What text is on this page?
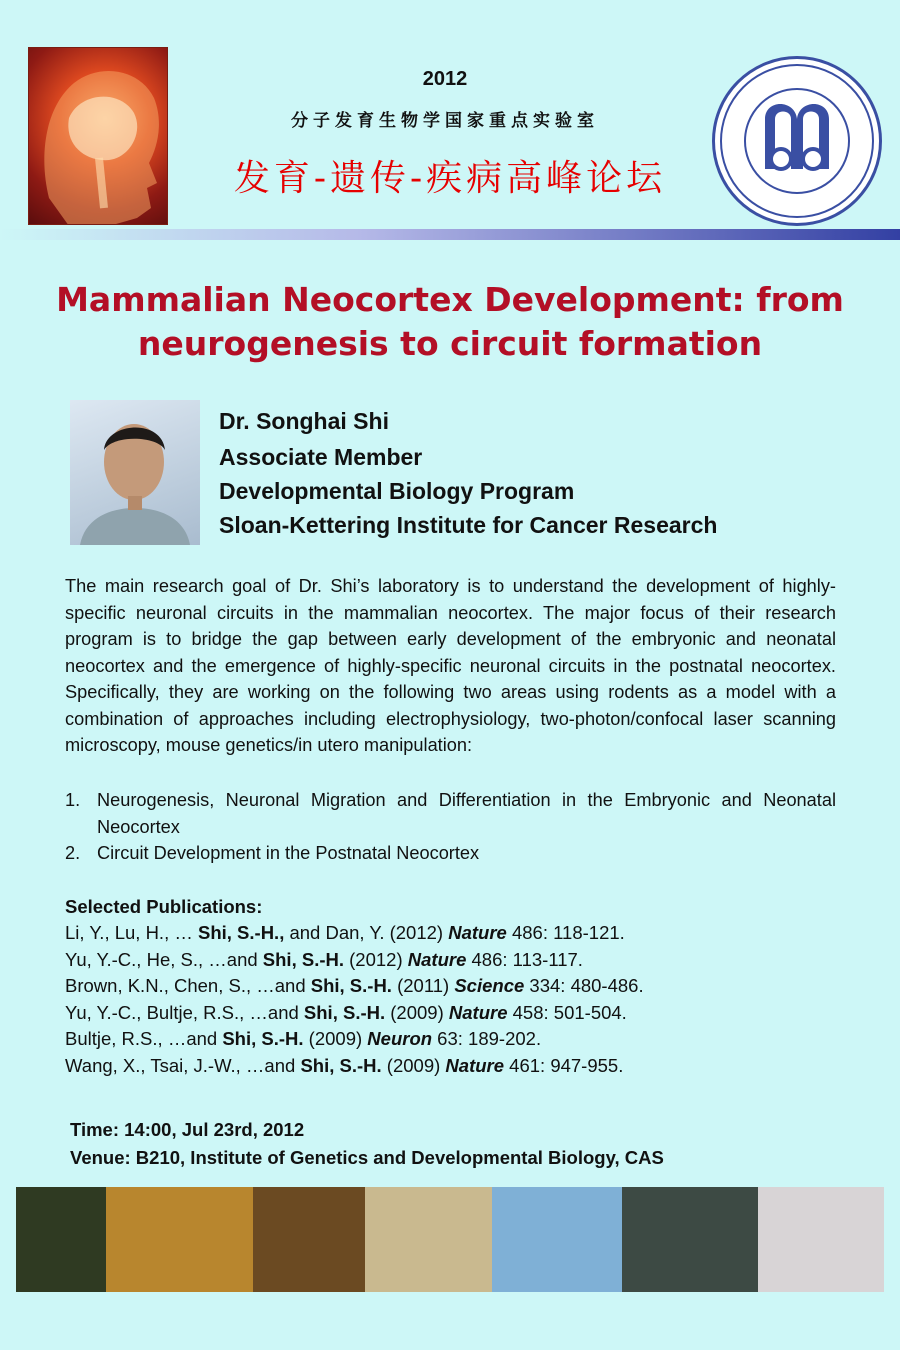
2012
分子发育生物学国家重点实验室
发育-遗传-疾病高峰论坛
Mammalian Neocortex Development: from
neurogenesis to circuit formation
Dr. Songhai Shi
Associate Member
Developmental Biology Program
Sloan-Kettering Institute for Cancer Research

The main research goal of Dr. Shi’s laboratory is to understand the development of highly-specific neuronal circuits in the mammalian neocortex. The major focus of their research program is to bridge the gap between early development of the embryonic and neonatal neocortex and the emergence of highly-specific neuronal circuits in the postnatal neocortex. Specifically, they are working on the following two areas using rodents as a model with a combination of approaches including electrophysiology, two-photon/confocal laser scanning microscopy, mouse genetics/in utero manipulation:

1. Neurogenesis, Neuronal Migration and Differentiation in the Embryonic and Neonatal Neocortex
2. Circuit Development in the Postnatal Neocortex
Selected Publications:
Li, Y., Lu, H., … Shi, S.-H., and Dan, Y. (2012) Nature 486: 118-121.
Yu, Y.-C., He, S., …and Shi, S.-H. (2012) Nature 486: 113-117.
Brown, K.N., Chen, S., …and Shi, S.-H. (2011) Science 334: 480-486.
Yu, Y.-C., Bultje, R.S., …and Shi, S.-H. (2009) Nature 458: 501-504.
Bultje, R.S., …and Shi, S.-H. (2009) Neuron 63: 189-202.
Wang, X., Tsai, J.-W., …and Shi, S.-H. (2009) Nature 461: 947-955.
Time: 14:00, Jul 23rd, 2012
Venue: B210, Institute of Genetics and Developmental Biology, CAS
